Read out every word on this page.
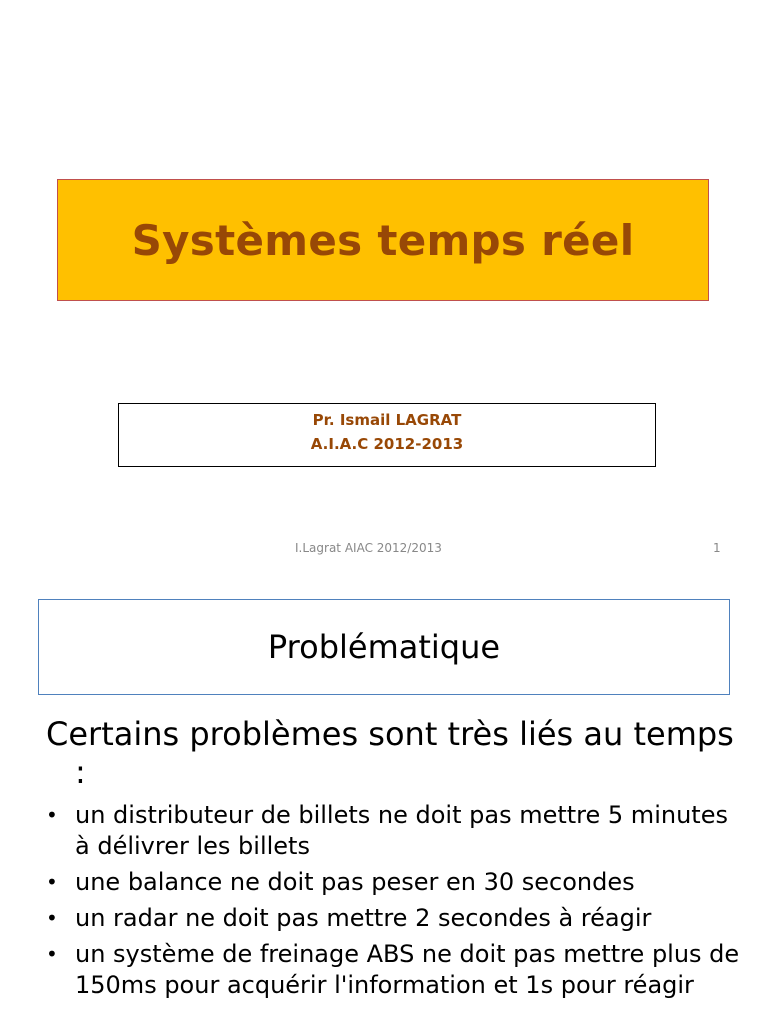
Systèmes temps réel
Pr. Ismail LAGRAT
A.I.A.C 2012-2013
I.Lagrat AIAC 2012/2013	1
Problématique
Certains problèmes sont très liés au temps :
• un distributeur de billets ne doit pas mettre 5 minutes à délivrer les billets
• une balance ne doit pas peser en 30 secondes
• un radar ne doit pas mettre 2 secondes à réagir
• un système de freinage ABS ne doit pas mettre plus de 150ms pour acquérir l'information et 1s pour réagir
